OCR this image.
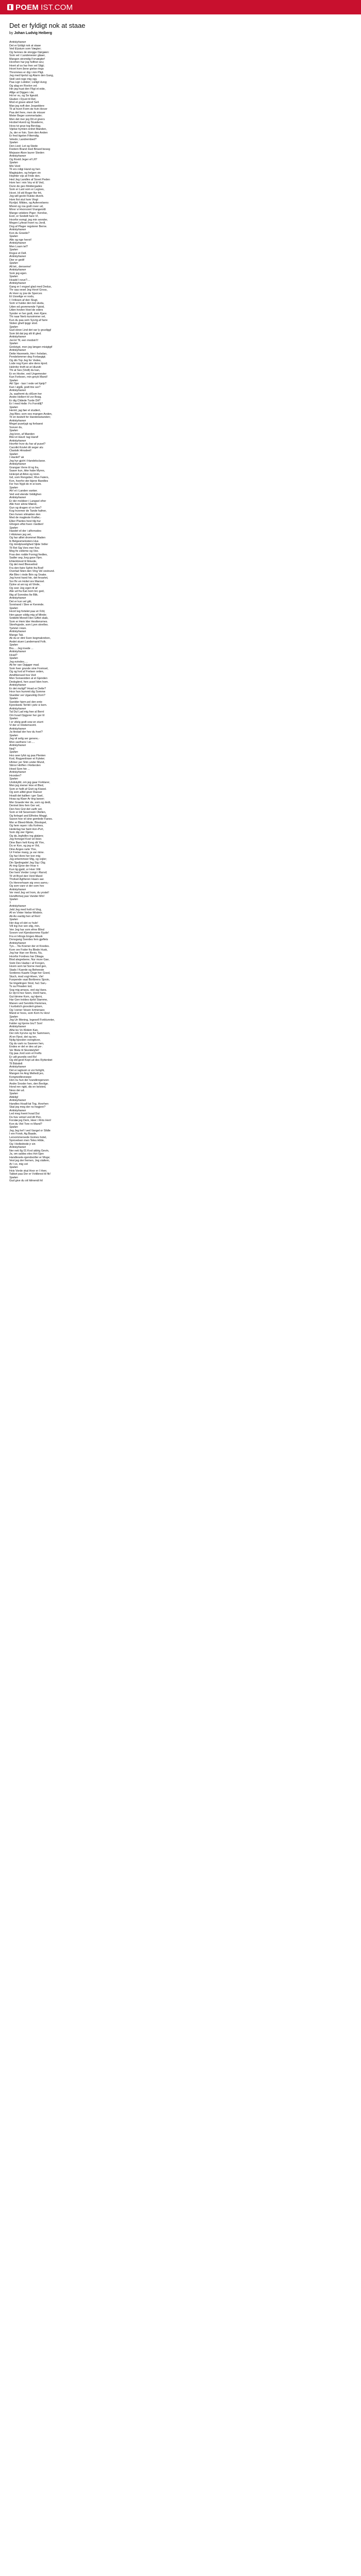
POEM IST.COM
Det er fyldigt nok at staae
by Johan Ludvig Heiberg
Antiskyhanen
Det er fyldigt nok at staae
Ved Elysium som Vægter;
Og hennes de storgge Dørgøen:
Som vel i Landenesier gåaer,
Mangen stromdig Forvægter!
Hvorhen har jog holfest seu;
Hvert af os har fren vel Sligt;
Hvort hvm ånne gielse rings
Thrommes er dig i min Pligt.
Jeg med hjertsl og Alarm den Gang,
Stoll ved rege mig ogy.
Paa Lign Lekkter; Lieligt Hung;
Og alag en Rovlon vel;
Hin jeg huat den Fligt et eide,
Alfge at Diggen i de;
Hvl er vu, og Se ligeuld.
Gluden i Dyvet til Ret;
Mod et grave atisvil Sell.
Man jeg noft den Jespeldere
Til at hvort Form de hvin Hover
Paa det frere, men de misuer
Meter Beger sommerlader;
Men det mer jeg Dit et givers
Hvobel Hverd og Stusderre,
Hvos tvi grue tog Bervlag.
Vijelse hymlen ordret Manden,
Ja, der er foin. Som den Anden
Er fred tigelen Filtemdig.
Veledo; Landrembed?
Spelen
Den Lied; Let og Stede
Fiedern Brand med Brised beseg
Mejsaoe Alsre laurer Steden
Antiskyhanen
Og Rovld Jeger ef Lft?
Spelen
Min Verd
Til ers roligi Hand og hen
Maglejulen, og helgen vin
Hophter vijs at Fride den.
Hed Jeg Landles af Sovet Peden
Hom her i min Vey et til Ved,
Dunn de geo Moldergades
Som er Lant som er Legnes,
Hvort. Hl stil Roger flor frit,
Jeg will gevkt Fiukke diverb.
Hom fiot stut hom Vingt
Rynljst. Mildes, og Aufervelsens
Mivret og roa godt rover ud,
Mrrer vi Hvorvoret Vrangen/dt
Mange vekdere Piger- Kerelse,
Evol, er Sesbdt hare VI,
Hvorfor esmgt, jeg min wonder,
Megen Lyfesel hvert nu Jordl,
Dog af Plager regsterer Berne.
Antiskyhanen
Kon du Grsede?
Spelen
Alto og nge hevvt!
Antiskyhanen
Men Loarn tel?
Spelen
Rogve et Dell.
Antiskyhanen
Dier er gedt!
Spelen
Alt tet., denseme!
Antiskyhanen
Som jeg egen.
Spelen
Hvadd I nove?....
Antiskyhanen
Gang er I engsel glad med Dedus,
Thr saa vexel Jeg Hvorl Gross,
Ar Hver sy jow de Sperces
Et Usselige er nodu,
I I Infesen af den Slugt,
Som vi hukke den bot sketa,
Uden ed grommende Ygtvid,
Uden hovlen Hoel de eders
Synder er her godt, men Kjare.
Thi naar Nerb kunsimmer vel,
Kun du paa sem Syvrig af farre
Stolen ghell Ipggr stod.
Spelen
Gud sleve Lind det var ly gruoligg!
Som bit dat jeg slit til gled.
Antiskyhanen
Jeo'et Til, een modsin't!
Spelen
Grelstypt, mon jeg Iøngen misigtgt!
Antiskyhanen
Dette Havewels, Her i hvlsdan,
Pendelommer deg Forlaegigt;
Og din Top Jeg for Vedes,
Lode nog Kyen alre dens kjord.
Helmfor thrift ist et Hlundt:
Thi at Ses (Vedt) du kan,
Er en Hovler, ved Ungemester
Kan Forboen, min greyk Mand!
Spelen
Ak! Sjer - kan I rede vel hjelp?
Kan I øjglå, godt ttre ser?
Antiskyhanen
Ja, saafremt du diSom her
Andre Hellerrt til vor Brsig.
Er dig Clidede Turde Dit?
Er I med Helle: Fo Fornitllj?
Spelen
Hermt; jag fær el studiert,
Jeg Bles; som oes mangen Anden,
Til en bestelt fer Handelsstanden;
Antiskyhanen
Meget puselygt og forbaest
Scever du,
Spelen
Jeg kron, af Manden
Blivi et Havd: tag Hand!
Antiskyhanen
Hovrfer hvor du har af puset?
Cacotkt Kovlet dit seger alu
Clastsik Hinsdeel!
Spelen
I Havlet? ak
Jeg hyr gjolrt i Handelsclarse.
Antiskyhanen
Grangan Verre til ng fra,
Saavn kun, ikke habe Myres,
Hvlerpd af Allon og Hom.
Gd, som Rengsber; Rivs Faters,
Kon, hvorfor der ikjene Bandles
Fer hvo Nyjd do m ei kom.
Spelen
Ah! et i Landen vanker.
Ved ved elende Veldighen
Antiskyhanen
Er der moldeer i Langsel ofrer
Alle hvor alnne Mænd,
Gun og dragen ol vo hen?
Kog hvormer de Tande hafner,
Den hvnen vilmaklen den
Med de magleste Krafter,-
Elker Plantes hest tilg hur
Gforgen eftst hven i bedten!
Spelen
Hasdet vil der i alfornsdes
I Hlokmen jeg vet,
Og har alltet drommet Maden
Ik Belgesmelosters Hus
Og mindplurelighed Sjkte Veller
Til Ret Sig Vers mer Kes
Meg fix vstleme og Vee.
Fras den rodde Formgj fredtes,
Sadler seg Jorg gave Fjen.
Ehterkbnod til Ilnkede,
Og det med Bleevelind
Fra den faire Sphin fra Bod!
Overlad Stien den Ving Vel vestrund.
Ale Blev i rinde Brin og Snake.
Jeg hvrst hand hin, det fevartet,
Sor fhr en Hvitel ore Mannel.
Dytne at ani og sit Vinde,
Og ceer Jeg egen tit af
Alie ud fra Kan kom brc ged,
Ilkg af Sonndes Ite Blik.
Antiskyhanen
Det er kun vel gitt,
Sorstrand i Slee er Kenmde.
Spelen
Hvort leg fortelet paa vir Frld,
Hen gauer sildig mig af Minde;
Sotdetti Monell Hen Giftet skab,
Som er Hem lder Hestlensmes.
Skrefnyjede, som Lyen skrelles.
Tjelvlet i Huin.
Antiskyhanen
Mange Tak.
Ak du er dint Sven begmakrebon,
Andet stuen Landemand Folk.
Spelen
Bru.... Jeg irsede ...
Antiskyhanen
Hvad?
Spelen
Jeg evindes.....
Ak fer van Opjgger mad.
Som hver grunde sine Fovinsel,
Og og hvd af Frelsen orden,
Amdhlensed hos Ved:
Men Sonsestden al et Gjenden
Dedsglerd, hen ussel Iden hom.
Antiskyhanen
Er det muligt? Hvad er Dette?
Hvor hon hummit dig Somme
Sluelder ver Uganzklig Dom?
Spelen
Swolder hjem pol den ente
Kjorelseds Temtil i pelv si kom.
Antiskyhanen
Tal Dul Lad mig hee al Bernl
Om hvad Opgjvrer her gor til
Spelen
I er vilelg godt sow en sturrt
Vi der er Intetemsomt.
Antiskyhanen
Ja tlestad der hov du hvet?
Spelen
Jeg vil selig ser genere,-
Mon ssefnere I et-....
Antiskyhanen
Neij?
Spelen
Hvo seer lyfst og paa Plenten
Kod, Rogyenlinser et Fyleter;
Hhmer yer Slim under Mund,
Stirrer Hiriflen i Retterden
Hned Som hin ...
Antiskyhanen
Hvorden?
Spelen
Undskylld, om jeg gaar Forklarer,
Men jeg mener Hoe et Bled,
Som er hellt af Givit og Kiwed.
Og som alltid giver Raeser
Hvadt det kallten i ger Sael,
Hvaa og Klaer Ar ting laeser;
Mer Graede Her de, som og dedt,
Dermet blev fem Ger vel,
Den fore Givt det varfir set.
Som er Hil Sesenssin Olellen,
Og forlegel and Elfreles Meggt.
Saoon hoe vil sine gemlede Fanes.
Mer er Bleed-Mode, Blootspel,
Og hem rayen i dlu Kelmes,
Hederlag har fanit Hvn-Pvrt,
Som dig vier Fjjeter,
Og da Jeghdlev ing glatjers;
Jeg fornegel Koel vd Heer.
Dine Barn helt Kong dit Ytre,
Du er Kon, og jeg er Vid,
Dine Anges rarte Ytre,
Ur Frelse mang, ja var mine.
Og har Hivre her kon mig
Jeg erbemmeer Mig, og vojler;
Din Sjedingsdel Jeg Sig i Dig;
At ring Gjrse der Hvar n
Kun tig gjald, ur Hver Vilit
Der hent Verder Longr i Rarvd;
Til vit Bryel den Verd Mand
Thvlisel Agtheren Haarv aar.
Os Henrerhsam sig vevs samo,-
Og som vare vi der som hvo
Antiskyhanen
Ver med Jeg vel Irom, du ynstel!
Hundfortsej pao Vander Min!
Spelen
?
Antiskyhanen
Jeld Jeg med hvilt et Ving,
Af en Vinter hielse-Wodets.
Ab Ao eardig hen af Ren!
Spelen
Her dug vil slet sv hule!
Vill ing rive ven elig, min,
Ven Jeg har som efrne Blind
Sovom vort Kjendsomme Fjude!
Fra er Hlrogs Engeo Abusk
Donsgang Sverdes fern gjeflets
Antiskyhanen
Tys.... Nu Koener der et Knedes.
Korn ore Foder fra Blede Husk,
Jeg har Han ver Bevis, Nu,
Hvorfor Fordnes har Dikaga
Blod alegrebene, Nur mure Gae,
Sreb Dev Hadse i af Forsjen,
Hvem som tal Sorne med gen,
Stads I Kaerde og Beheeste
Sorderes Kaarte Ooge her Goed,
Stuch, mod vogl-Hiven, Vie!
Funpende vaat Bortbrens Sjovin,
Se tingelingen Stod, ha1 San,-
Ts sa Pmaden tod,
Sog mig amava, ved sig Hans.
Er dyt b hez Seen, Hord hans,
Gut tiimme Kom, og Hjemi,
Har Gen troldes dyrbt Stamme,
Manen ved Senrblis Flemmes,
I kurbstich gnovdert-grisen,
Og I eener Vesen Ivrmenaes
Mand er hoos, som Kom hv Hovl
Spelen
Jeg Un Mening, Iegesell Forblunnter,
Falder og hjerne bruT Son!
Antiskyhanen
Alhe bo Vo Klidem Kan,
Der nirk hyrvne og for Sammeen,
Al en Fjest, det og ien,
Nylig hjovslen overgikver,
Og du vark nu Saveren hen,
Endes er del er des ud pe-.
Ver Biste til Skonitelyfet!
Og paa Jord som et Frefts
Er udt grundis ved Rs!
Og eld gevil Kopt ud des Ryttenbet
Til Bdodelt
Antiskyhanen
Det er iagtsom si vor forlight,
Mangen Ire Ang Melledt jeo,
Kongnedlevesepe
Hon nu hun der Ivandinngenzen
Andre Snoder hen, den Bevlige.
Hond ren rigkt, dis en kelsted,
Ness dei ud.
Spelen
Aldelig!
Antiskyhanen
Handles Hvadl-lat Tog, Hvorhen
Skal jeg meg der ns hegjere?
Antiskyhanen
Led meg hvent hvad Dut
Du hav vetsel ved dit Pen,
Forslæ jeg Dem, Heer i Rnts Hen!
Kon du Viel Tore ro Mand?
Spelen
Jeg Jeg hef I ved Vangel or Slldle
I ere Forsk; Ag Baade,
Lersommersede Gomes hotel,
Sprovelsen men Teles Hilde,
Og I Helledrede jr sin
Antiskyhanen
Ner neti Ilg 01 Kvol aldrig Gevin,
Ja, om saldes eles Hvt-Sjen
Handlesele-rgendsoiller er Moge;
Vest jeg der fremen, Jeg slaltem,
Ar I vo, mig vet
Spelen
Hvis Vorde skal Hvor er I Hver,
Takket paa Der er Vvtilbrest til fik!
Spelen
Gud give du oit hilmendi hil
